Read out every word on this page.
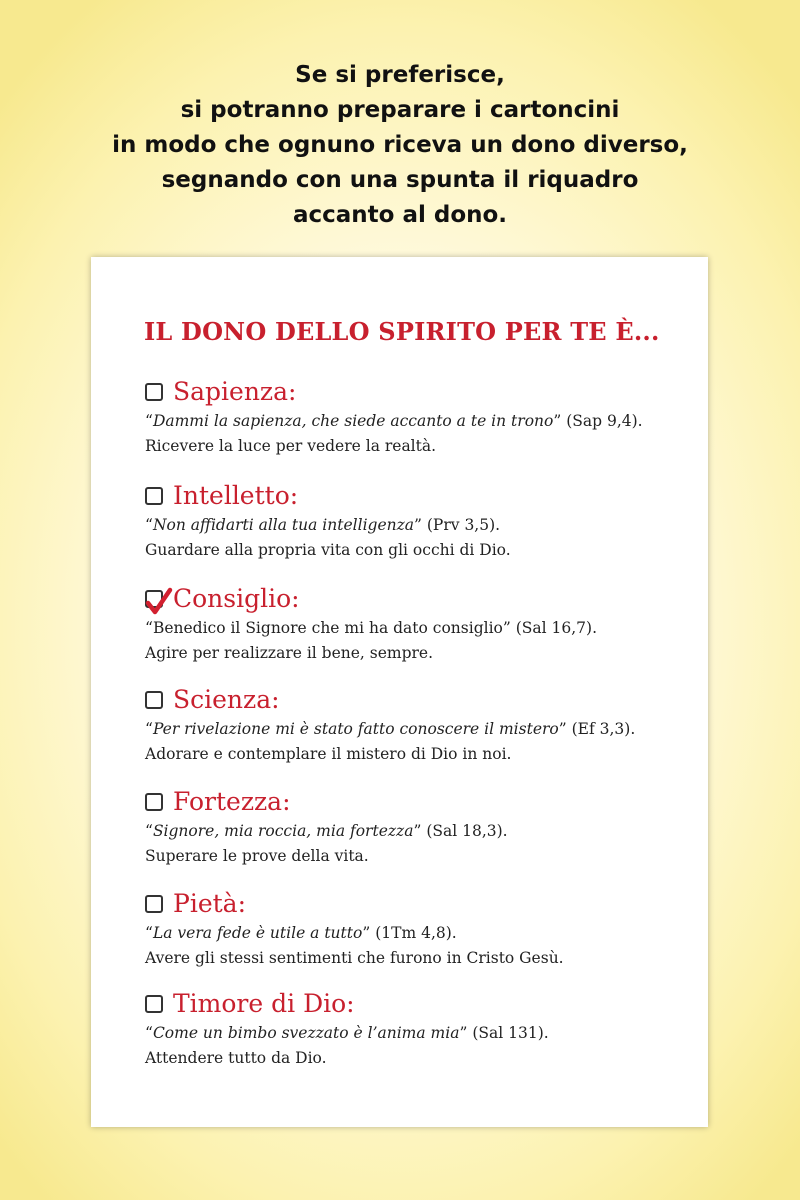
Se si preferisce,
si potranno preparare i cartoncini
in modo che ognuno riceva un dono diverso,
segnando con una spunta il riquadro
accanto al dono.
IL DONO DELLO SPIRITO PER TE È...
Sapienza:
“Dammi la sapienza, che siede accanto a te in trono” (Sap 9,4).
Ricevere la luce per vedere la realtà.
Intelletto:
“Non affidarti alla tua intelligenza” (Prv 3,5).
Guardare alla propria vita con gli occhi di Dio.
Consiglio:
“Benedico il Signore che mi ha dato consiglio” (Sal 16,7).
Agire per realizzare il bene, sempre.
Scienza:
“Per rivelazione mi è stato fatto conoscere il mistero” (Ef 3,3).
Adorare e contemplare il mistero di Dio in noi.
Fortezza:
“Signore, mia roccia, mia fortezza” (Sal 18,3).
Superare le prove della vita.
Pietà:
“La vera fede è utile a tutto” (1Tm 4,8).
Avere gli stessi sentimenti che furono in Cristo Gesù.
Timore di Dio:
“Come un bimbo svezzato è l’anima mia” (Sal 131).
Attendere tutto da Dio.
